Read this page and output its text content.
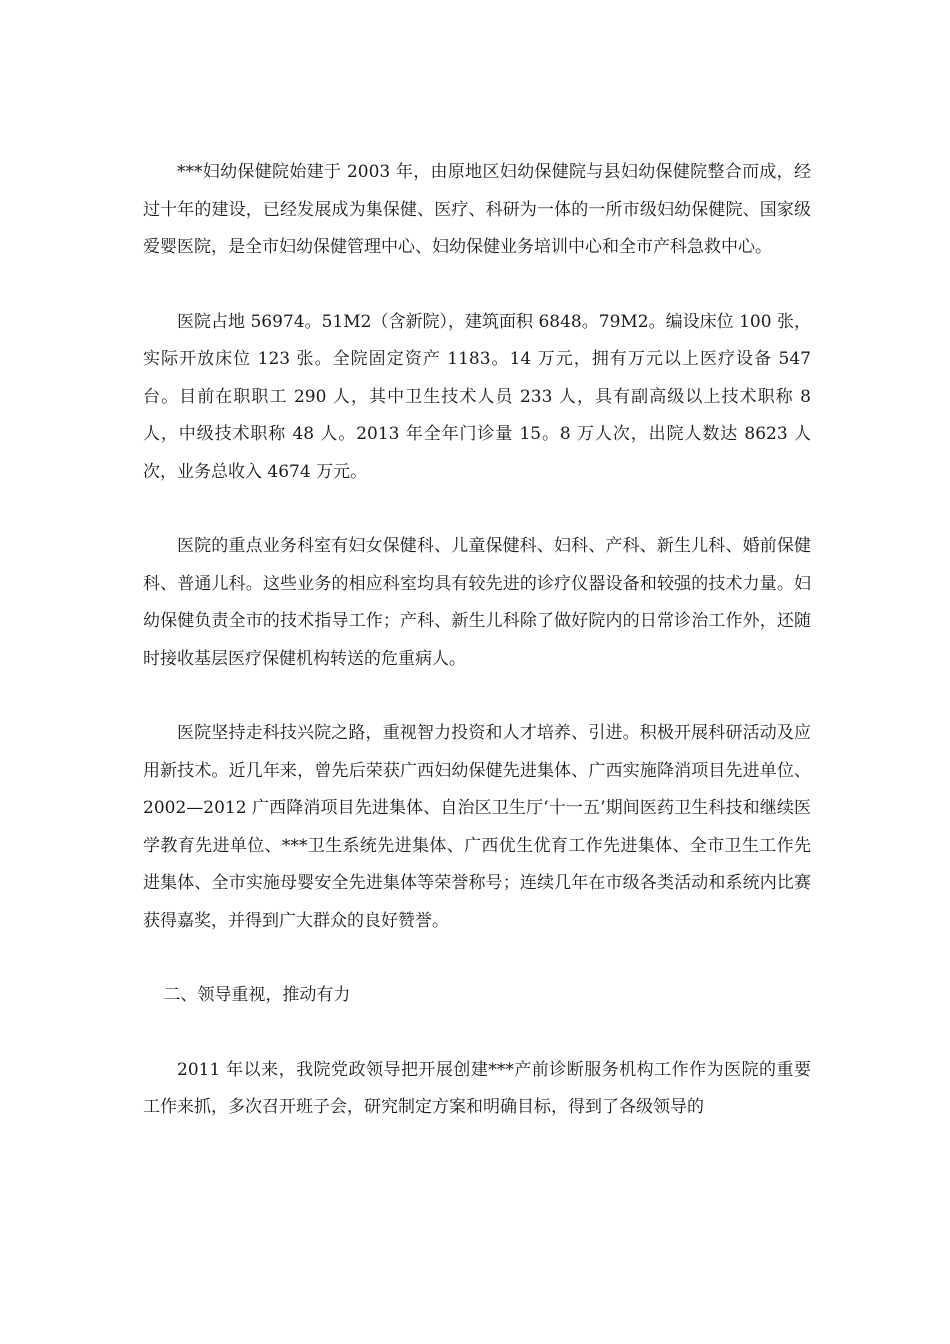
***妇幼保健院始建于 2003 年，由原地区妇幼保健院与县妇幼保健院整合而成，经过十年的建设，已经发展成为集保健、医疗、科研为一体的一所市级妇幼保健院、国家级爱婴医院，是全市妇幼保健管理中心、妇幼保健业务培训中心和全市产科急救中心。

医院占地 56974。51M2（含新院），建筑面积 6848。79M2。编设床位 100 张，实际开放床位 123 张。全院固定资产 1183。14 万元，拥有万元以上医疗设备 547 台。目前在职职工 290 人，其中卫生技术人员 233 人，具有副高级以上技术职称 8 人，中级技术职称 48 人。2013 年全年门诊量 15。8 万人次，出院人数达 8623 人次，业务总收入 4674 万元。

医院的重点业务科室有妇女保健科、儿童保健科、妇科、产科、新生儿科、婚前保健科、普通儿科。这些业务的相应科室均具有较先进的诊疗仪器设备和较强的技术力量。妇幼保健负责全市的技术指导工作；产科、新生儿科除了做好院内的日常诊治工作外，还随时接收基层医疗保健机构转送的危重病人。

医院坚持走科技兴院之路，重视智力投资和人才培养、引进。积极开展科研活动及应用新技术。近几年来，曾先后荣获广西妇幼保健先进集体、广西实施降消项目先进单位、2002—2012 广西降消项目先进集体、自治区卫生厅‘十一五’期间医药卫生科技和继续医学教育先进单位、***卫生系统先进集体、广西优生优育工作先进集体、全市卫生工作先进集体、全市实施母婴安全先进集体等荣誉称号；连续几年在市级各类活动和系统内比赛获得嘉奖，并得到广大群众的良好赞誉。

二、领导重视，推动有力

2011 年以来，我院党政领导把开展创建***产前诊断服务机构工作作为医院的重要工作来抓，多次召开班子会，研究制定方案和明确目标，得到了各级领导的
